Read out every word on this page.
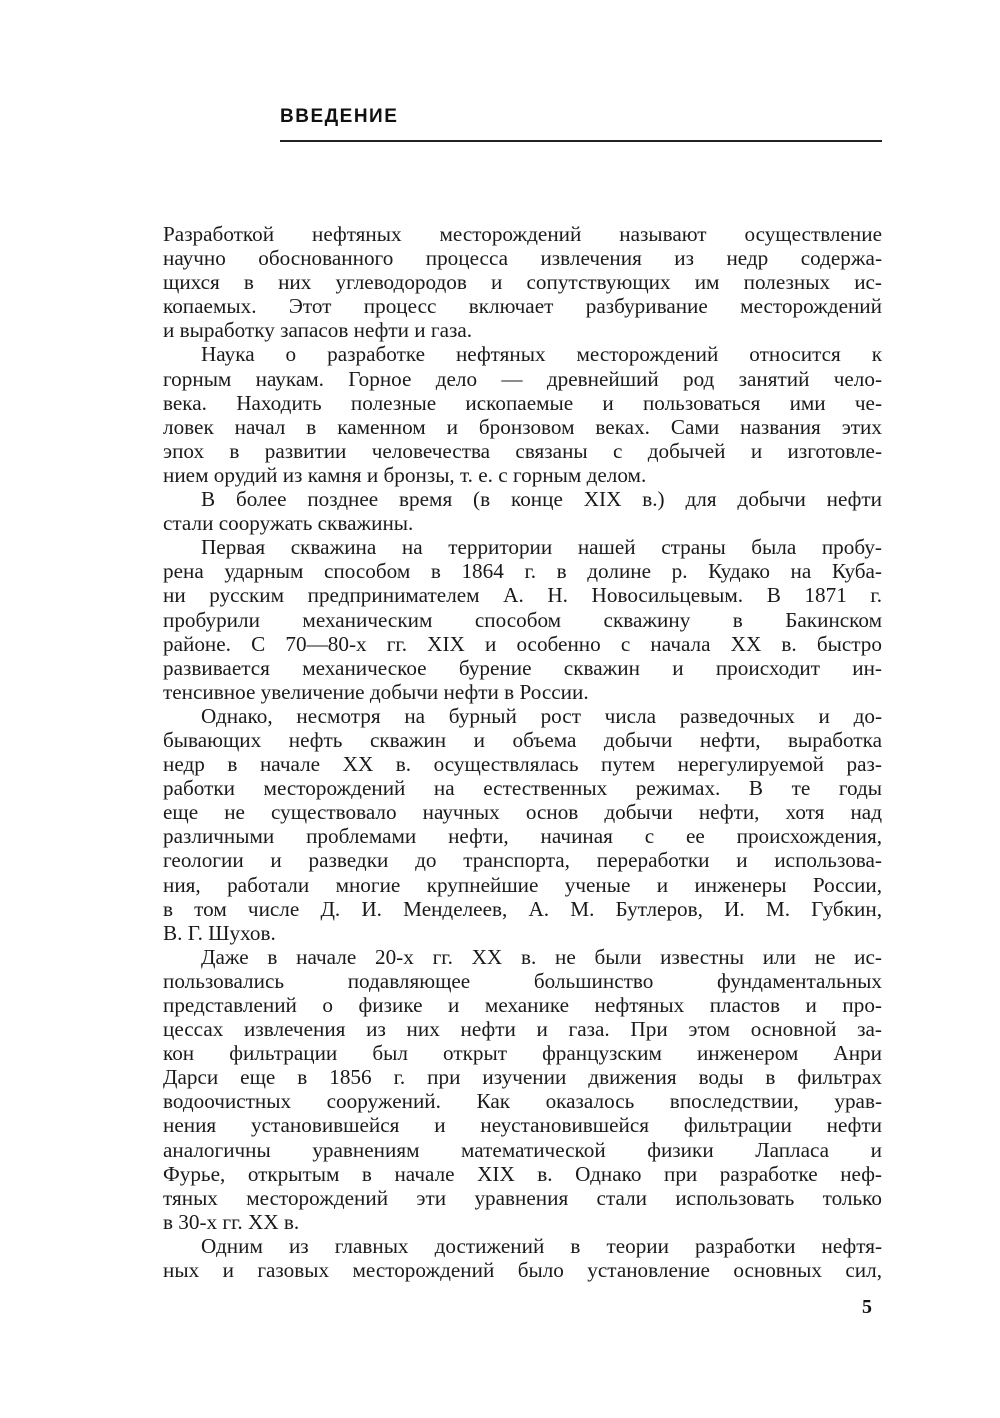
ВВЕДЕНИЕ

Разработкой нефтяных месторождений называют осуществление
научно обоснованного процесса извлечения из недр содержа-
щихся в них углеводородов и сопутствующих им полезных ис-
копаемых. Этот процесс включает разбуривание месторождений
и выработку запасов нефти и газа.

Наука о разработке нефтяных месторождений относится к
горным наукам. Горное дело — древнейший род занятий чело-
века. Находить полезные ископаемые и пользоваться ими че-
ловек начал в каменном и бронзовом веках. Сами названия этих
эпох в развитии человечества связаны с добычей и изготовле-
нием орудий из камня и бронзы, т. е. с горным делом.

В более позднее время (в конце XIX в.) для добычи нефти
стали сооружать скважины.

Первая скважина на территории нашей страны была пробу-
рена ударным способом в 1864 г. в долине р. Кудако на Куба-
ни русским предпринимателем А. Н. Новосильцевым. В 1871 г.
пробурили механическим способом скважину в Бакинском
районе. С 70—80-х гг. XIX и особенно с начала XX в. быстро
развивается механическое бурение скважин и происходит ин-
тенсивное увеличение добычи нефти в России.

Однако, несмотря на бурный рост числа разведочных и до-
бывающих нефть скважин и объема добычи нефти, выработка
недр в начале XX в. осуществлялась путем нерегулируемой раз-
работки месторождений на естественных режимах. В те годы
еще не существовало научных основ добычи нефти, хотя над
различными проблемами нефти, начиная с ее происхождения,
геологии и разведки до транспорта, переработки и использова-
ния, работали многие крупнейшие ученые и инженеры России,
в том числе Д. И. Менделеев, А. М. Бутлеров, И. М. Губкин,
В. Г. Шухов.

Даже в начале 20-х гг. XX в. не были известны или не ис-
пользовались подавляющее большинство фундаментальных
представлений о физике и механике нефтяных пластов и про-
цессах извлечения из них нефти и газа. При этом основной за-
кон фильтрации был открыт французским инженером Анри
Дарси еще в 1856 г. при изучении движения воды в фильтрах
водоочистных сооружений. Как оказалось впоследствии, урав-
нения установившейся и неустановившейся фильтрации нефти
аналогичны уравнениям математической физики Лапласа и
Фурье, открытым в начале XIX в. Однако при разработке неф-
тяных месторождений эти уравнения стали использовать только
в 30-х гг. XX в.

Одним из главных достижений в теории разработки нефтя-
ных и газовых месторождений было установление основных сил,

5
